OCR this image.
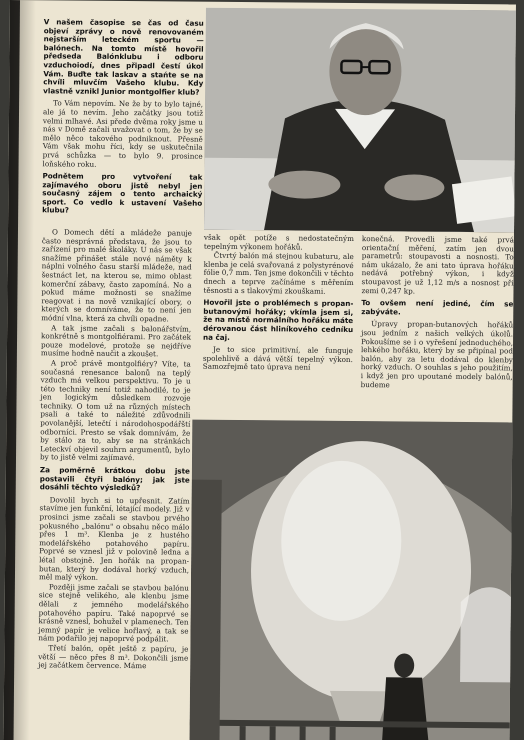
V našem časopise se čas od času objeví zprávy o nově renovovaném nejstarším leteckém sportu — balónech. Na tomto místě hovořil předseda Balónklubu i odboru vzduchoiodí, dnes připadl čestí úkol Vám. Buďte tak laskav a stańte se na chvíli mluvčím Vašeho klubu. Kdy vlastně vznikl Junior montgolfier klub?

To Vám nepovím. Ne že by to bylo tajné, ale já to nevím. Jeho začátky jsou totiž velmi mlhavé. Asi přede dvěma roky jsme u nás v Domě začali uvažovat o tom, že by se mělo něco takového podniknout. Přesně Vám však mohu říci, kdy se uskutečnila prvá schůzka — to bylo 9. prosince loňského roku.

Podnětem pro vytvoření tak zajímavého oboru jistě nebyl jen současný zájem o tento archaický sport. Co vedlo k ustavení Vašeho klubu?

O Domech dětí a mládeže panuje často nesprávná představa, že jsou to zařízení pro malé školáky. U nás se však snažíme přinášet stále nové náměty k náplni volného času starší mládeže, nad šestnáct let, na kterou se, mimo oblast komerční zábavy, často zapomíná. No a pokud máme možnosti se snažíme reagovat i na nově vznikající obory, o kterých se domníváme, že to není jen módní vlna, která za chvíli opadne.

A tak jsme začali s balonářstvím, konkrétně s montgolfiérami. Pro začátek pouze modelové, protože se nejdříve musíme hodně naučit a zkoušet.

A proč právě montgolfiéry? Víte, ta současná renesance balonů na teplý vzduch má velkou perspektivu. To je u této techniky není totiž nahodilé, to je jen logickým důsledkem rozvoje techniky. O tom už na různých místech psali a také to náležité zdůvodnili povolanější, letečtí i národohospodářští odborníci. Presto se však domnívám, že by stálo za to, aby se na stránkách Leteckví objevil souhrn argumentů, bylo by to jistě velmi zajímavé.

Za poměrně krátkou dobu jste postavili čtyři balóny; jak jste dosáhli těchto výsledků?

Dovolil bych si to upřesnit. Zatím stavíme jen funkční, létající modely. Již v prosinci jsme začali se stavbou prvého pokusného „balónu" o obsahu něco málo přes 1 m³. Klenba je z hustého modelářského potahového papíru. Poprvé se vznesl již v polovině ledna a létal obstojně. Jen hořák na propan-butan, který by dodával horký vzduch, měl malý výkon.

Později jsme začali se stavbou balónu sice stejně velikého, ale klenbu jsme dělali z jemného modelářského potahového papíru. Také napoprvé se krásně vznesl, bohužel v plamenech. Ten jemný papír je velice hořlavý, a tak se nám podařilo jej napoprvé podpálit.

Třetí balón, opět ještě z papíru, je větší — něco přes 8 m³. Dokončili jsme jej začátkem července. Máme

však opět potíže s nedostatečným tepelným výkonem hořáků.

Čtvrtý balón má stejnou kubaturu, ale klenba je celá svařovaná z polystyrénové fólie 0,7 mm. Ten jsme dokončili v těchto dnech a teprve začínáme s měřením těsnosti a s tlakovými zkouškami.

Hovořil jste o problémech s propan-butanovými hořáky; vkímla jsem si, že na místě normálního hořáku máte dérovanou část hliníkového cedníku na čaj.

Je to sice primitivní, ale funguje spolehlivě a dává větší tepelný výkon. Samozřejmě tato úprava není

konečná. Provedli jsme také prvá orientační měření, zatím jen dvou parametrů: stoupavosti a nosnosti. To nám ukázalo, že ani tato úprava hořáku nedává potřebný výkon, i když stoupavost je už 1,12 m/s a nosnost při zemi 0,247 kp.

To ovšem není jediné, čím se zabýváte.

Úpravy propan-butanových hořáků jsou jedním z našich velkých úkolů. Pokoušíme se i o vyřešení jednoduchého, lehkého hořáku, který by se připínal pod balón, aby za letu dodával do klenby horký vzduch. O souhlas s jeho použitím, i když jen pro upoutané modely balónů, budeme
